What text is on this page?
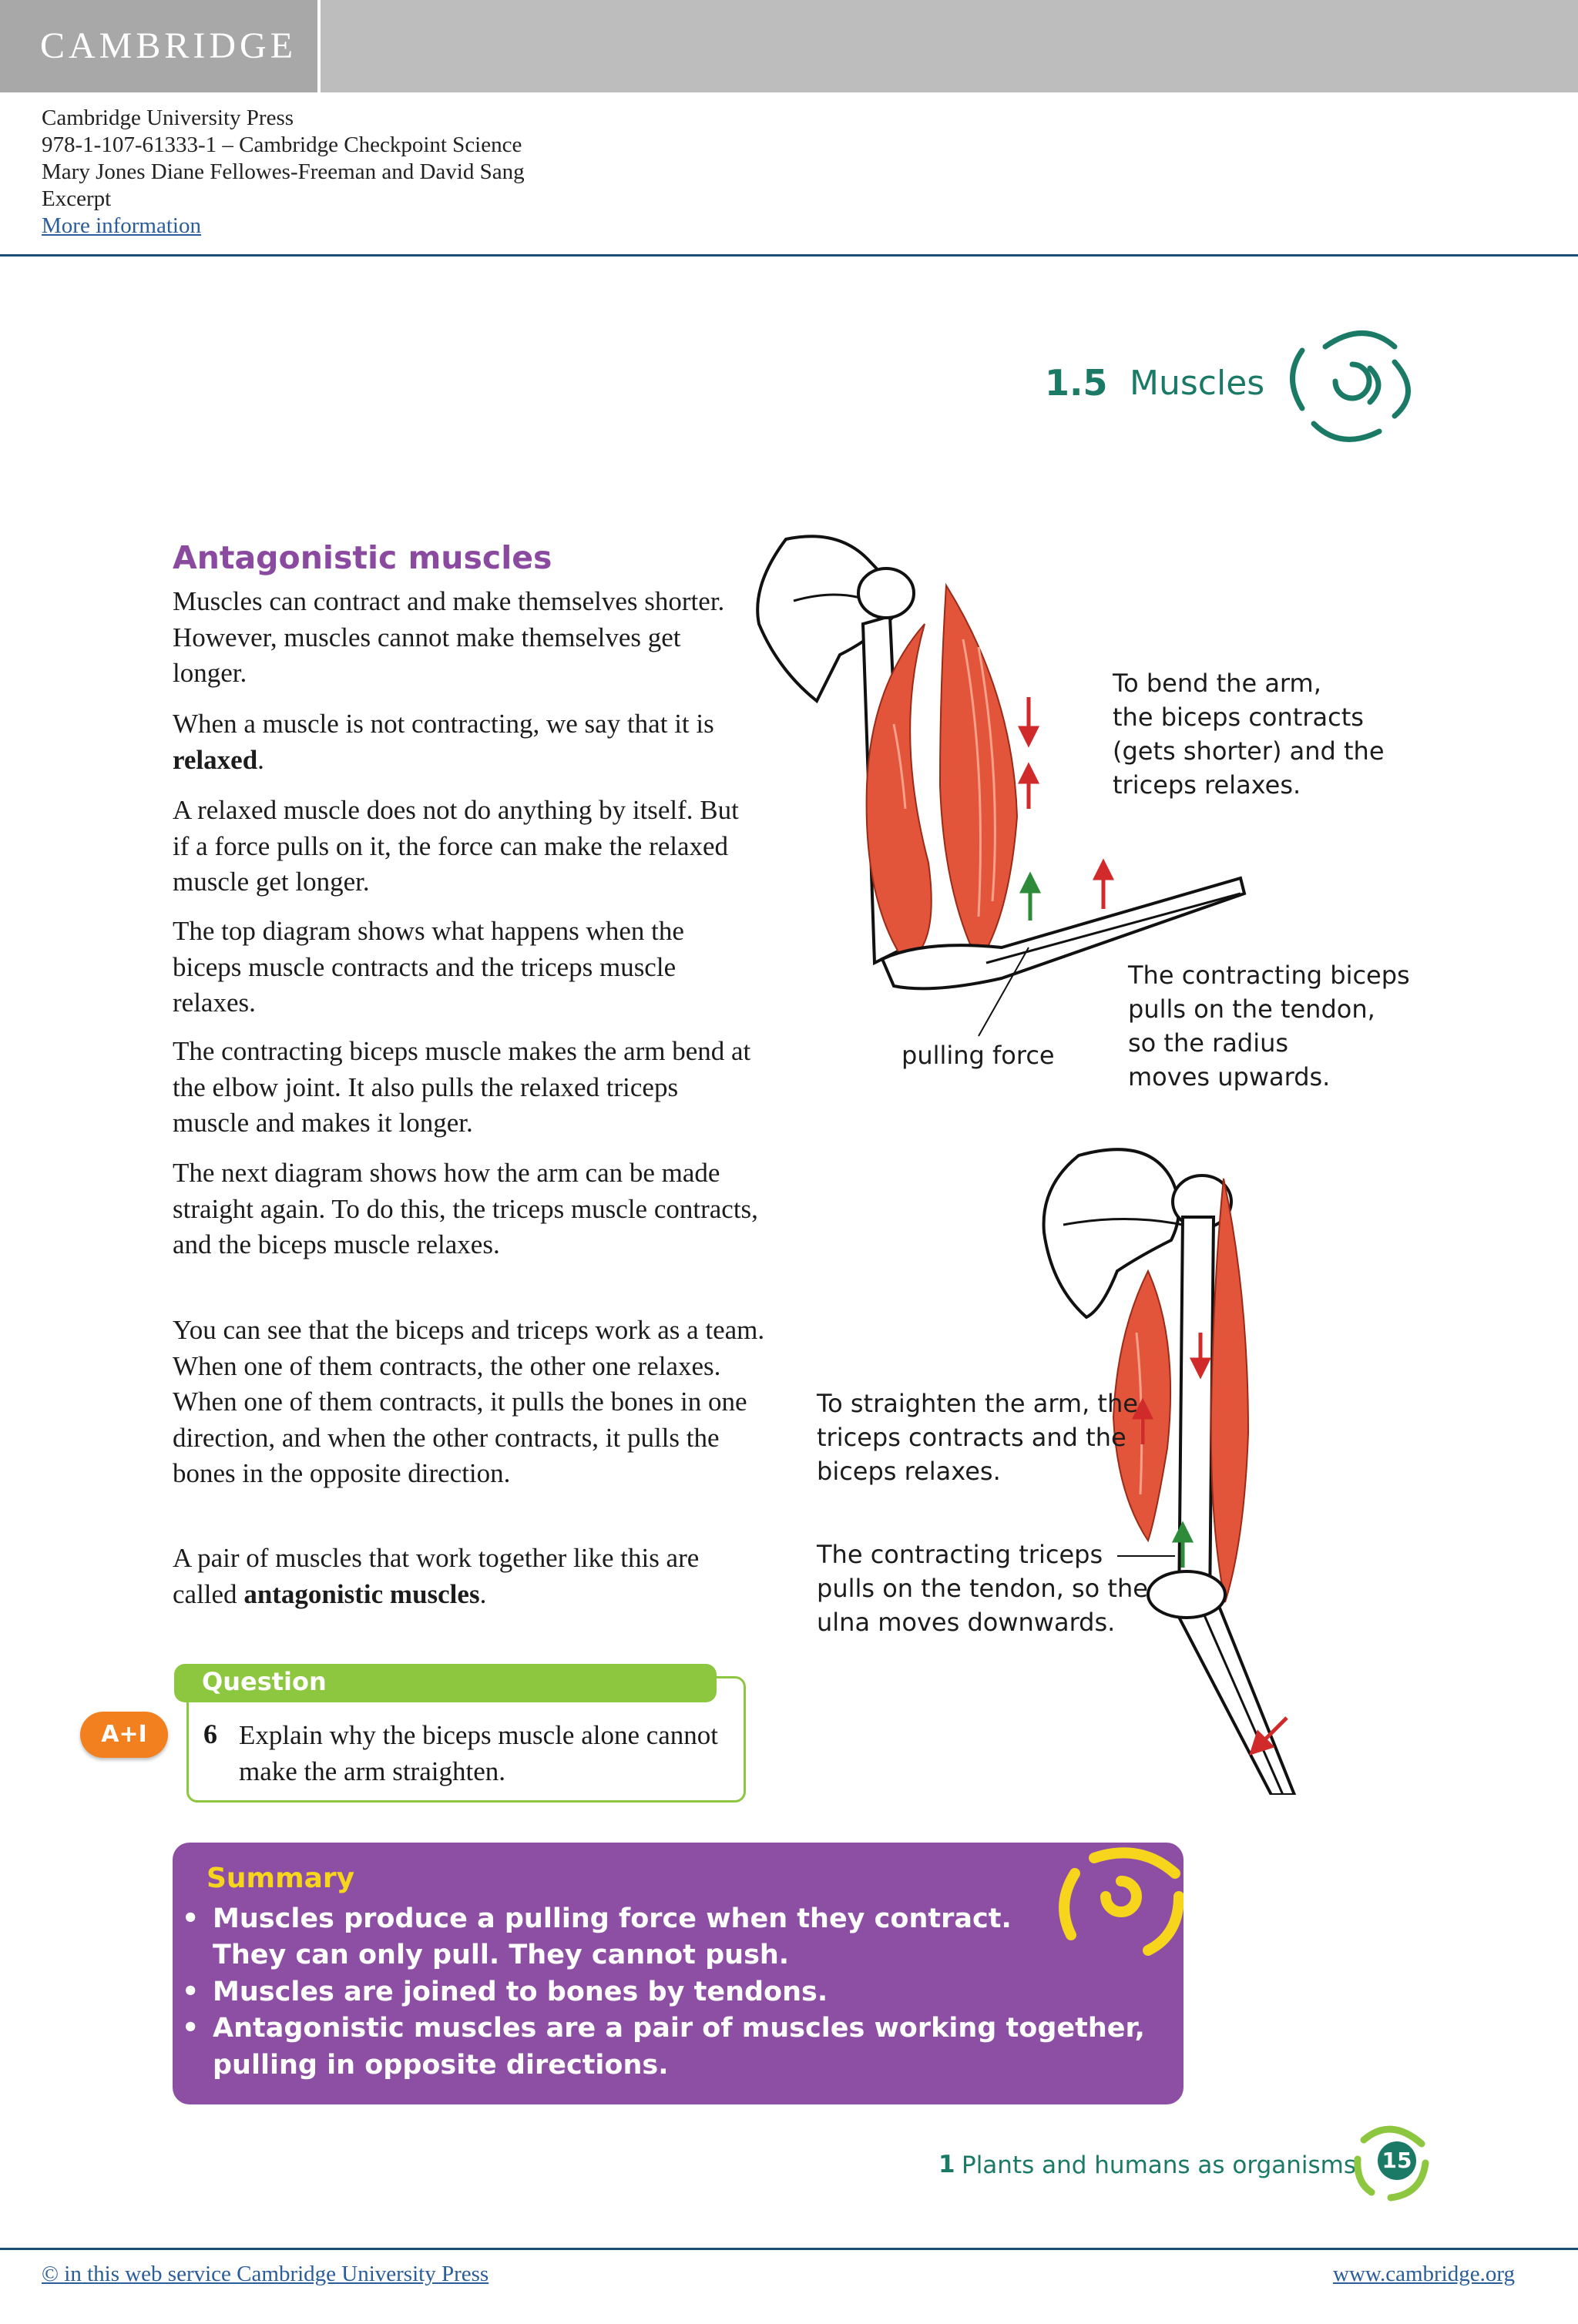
CAMBRIDGE
Cambridge University Press
978-1-107-61333-1 – Cambridge Checkpoint Science
Mary Jones Diane Fellowes-Freeman and David Sang
Excerpt
More information
1.5 Muscles
Antagonistic muscles
Muscles can contract and make themselves shorter. However, muscles cannot make themselves get longer.
When a muscle is not contracting, we say that it is relaxed.
A relaxed muscle does not do anything by itself. But if a force pulls on it, the force can make the relaxed muscle get longer.
The top diagram shows what happens when the biceps muscle contracts and the triceps muscle relaxes.
The contracting biceps muscle makes the arm bend at the elbow joint. It also pulls the relaxed triceps muscle and makes it longer.
The next diagram shows how the arm can be made straight again. To do this, the triceps muscle contracts, and the biceps muscle relaxes.
You can see that the biceps and triceps work as a team. When one of them contracts, the other one relaxes. When one of them contracts, it pulls the bones in one direction, and when the other contracts, it pulls the bones in the opposite direction.
A pair of muscles that work together like this are called antagonistic muscles.
To bend the arm,
the biceps contracts
(gets shorter) and the
triceps relaxes.
The contracting biceps
pulls on the tendon,
so the radius
moves upwards.
pulling force
To straighten the arm, the
triceps contracts and the
biceps relaxes.
The contracting triceps
pulls on the tendon, so the
ulna moves downwards.
Question
A+I	6 Explain why the biceps muscle alone cannot make the arm straighten.
Summary
• Muscles produce a pulling force when they contract.
They can only pull. They cannot push.
• Muscles are joined to bones by tendons.
• Antagonistic muscles are a pair of muscles working together,
pulling in opposite directions.
1 Plants and humans as organisms 15
© in this web service Cambridge University Press	www.cambridge.org
